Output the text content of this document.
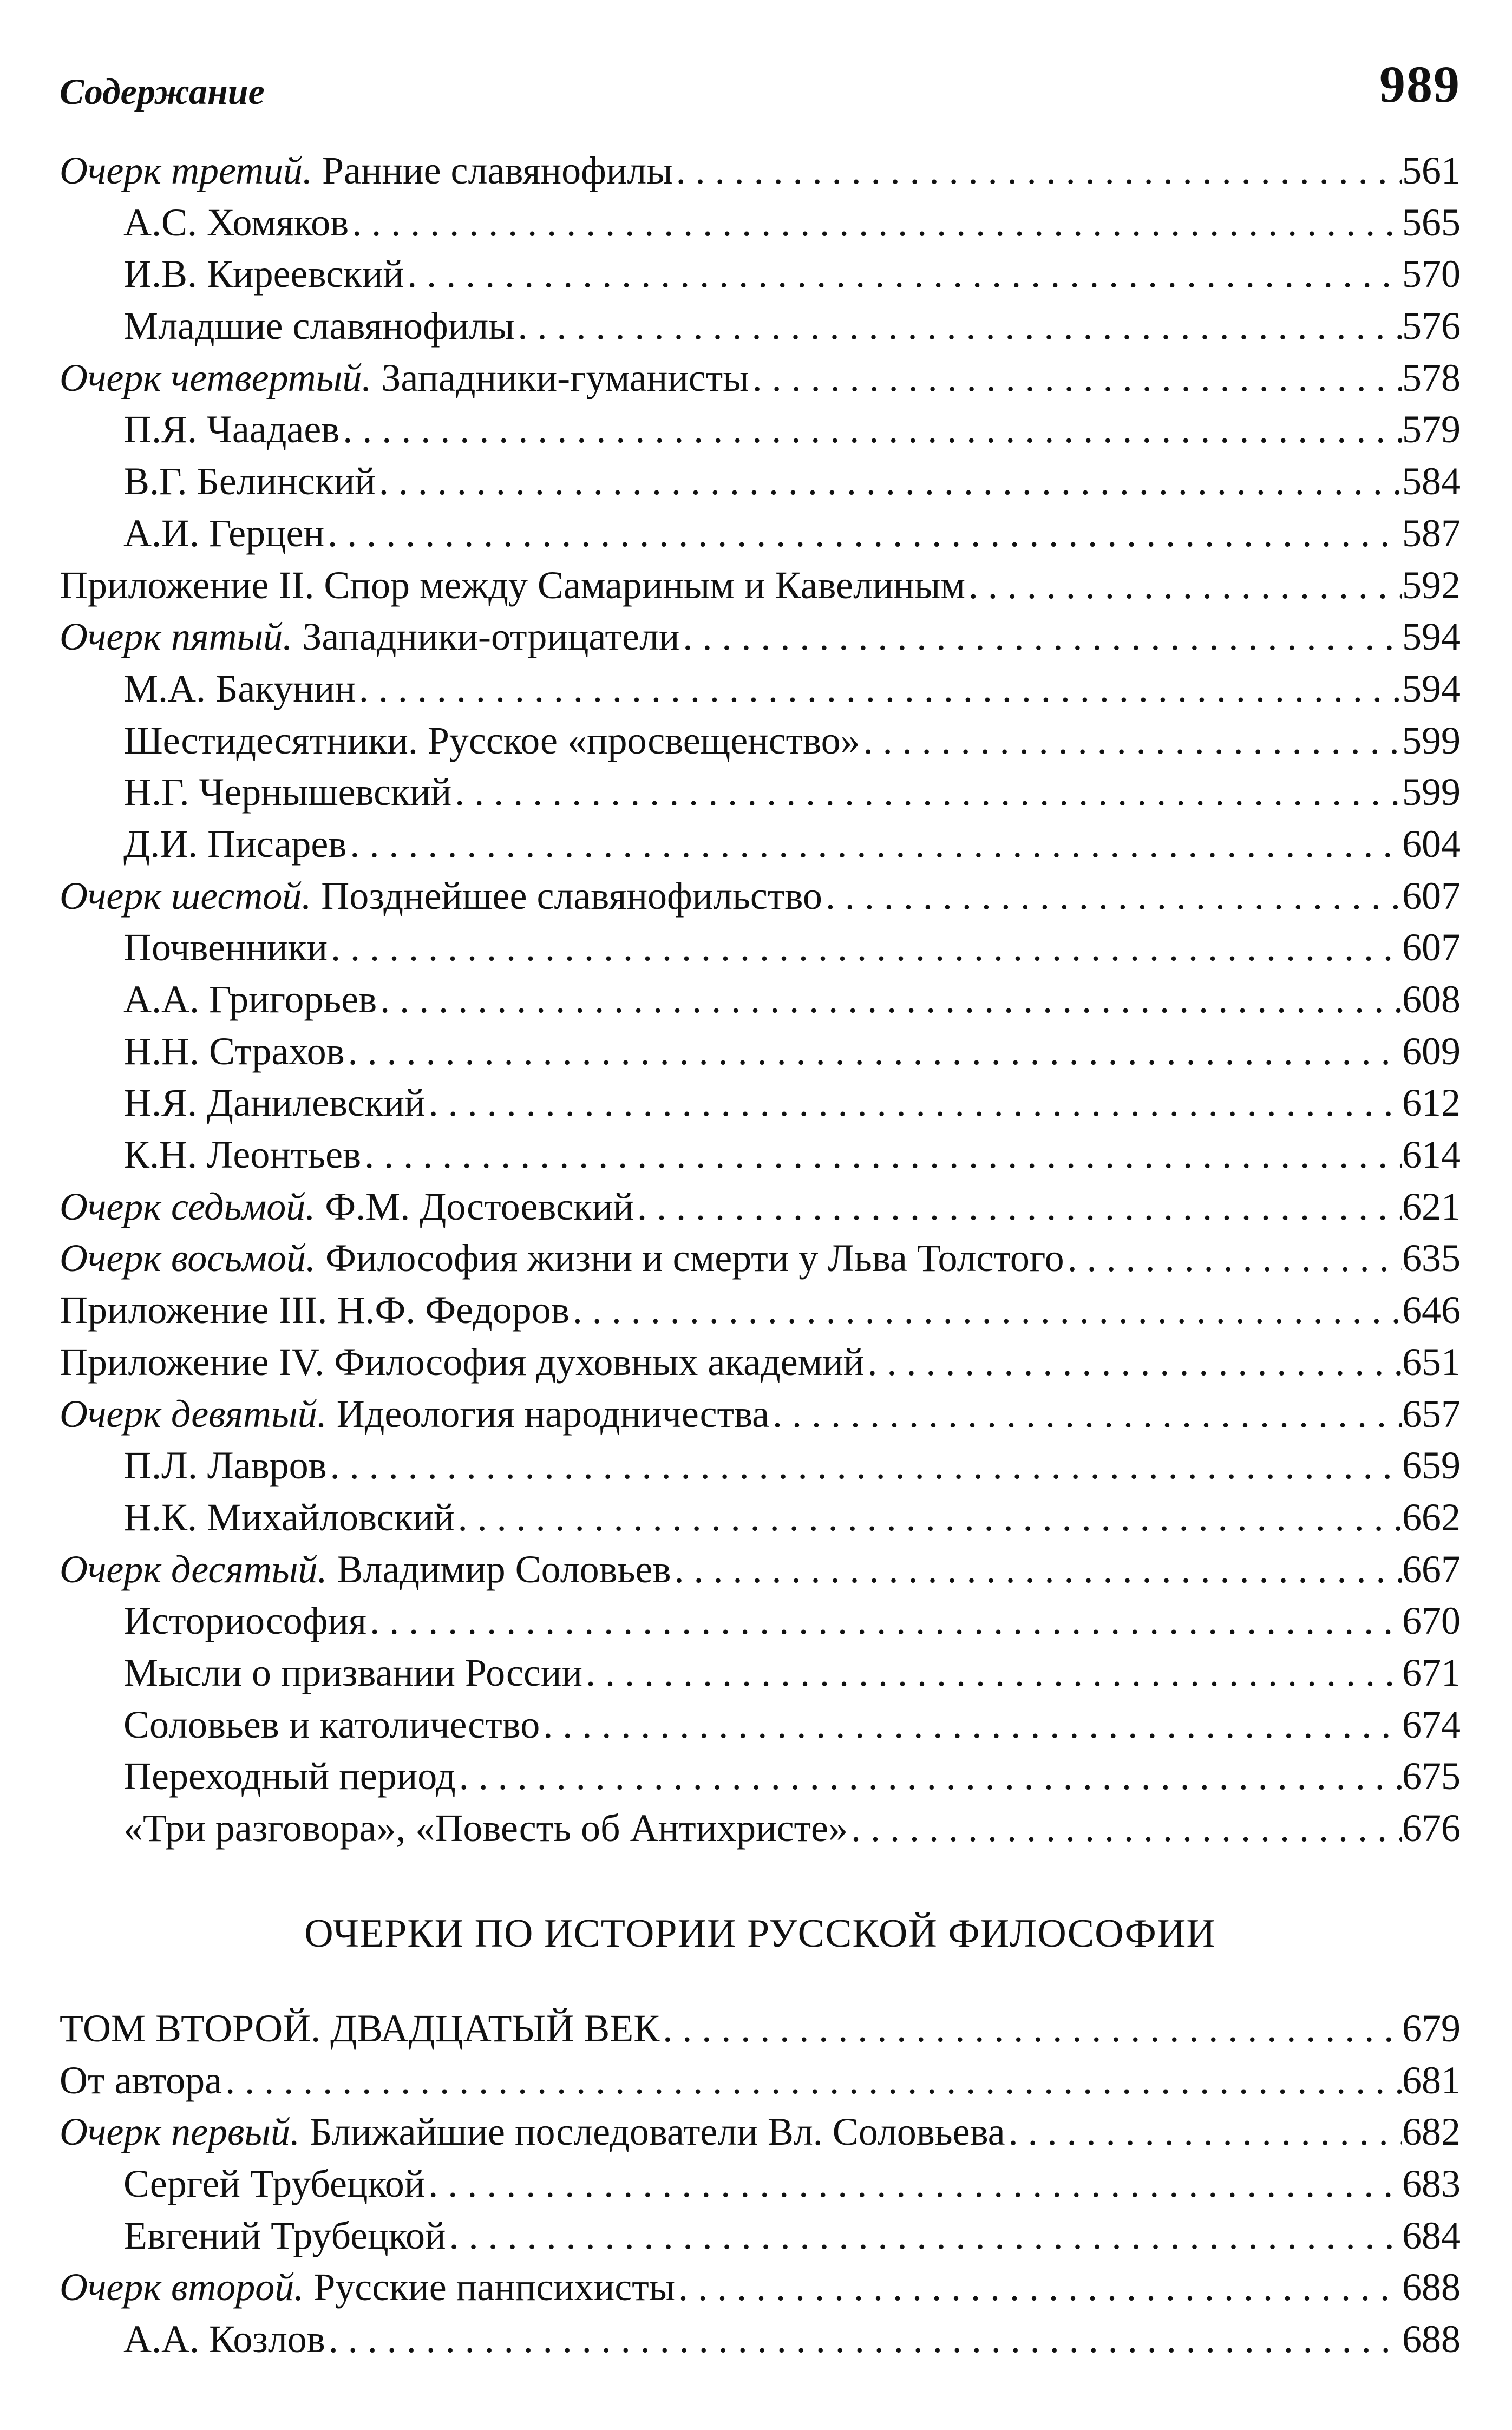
Содержание	989
Очерк третий. Ранние славянофилы . . .	561
А.С. Хомяков . . .	565
И.В. Киреевский . . .	570
Младшие славянофилы . . .	576
Очерк четвертый. Западники-гуманисты . . .	578
П.Я. Чаадаев . . .	579
В.Г. Белинский . . .	584
А.И. Герцен . . .	587
Приложение II. Спор между Самариным и Кавелиным . . .	592
Очерк пятый. Западники-отрицатели . . .	594
М.А. Бакунин . . .	594
Шестидесятники. Русское «просвещенство» . . .	599
Н.Г. Чернышевский . . .	599
Д.И. Писарев . . .	604
Очерк шестой. Позднейшее славянофильство . . .	607
Почвенники . . .	607
А.А. Григорьев . . .	608
Н.Н. Страхов . . .	609
Н.Я. Данилевский . . .	612
К.Н. Леонтьев . . .	614
Очерк седьмой. Ф.М. Достоевский . . .	621
Очерк восьмой. Философия жизни и смерти у Льва Толстого . . .	635
Приложение III. Н.Ф. Федоров . . .	646
Приложение IV. Философия духовных академий . . .	651
Очерк девятый. Идеология народничества . . .	657
П.Л. Лавров . . .	659
Н.К. Михайловский . . .	662
Очерк десятый. Владимир Соловьев . . .	667
Историософия . . .	670
Мысли о призвании России . . .	671
Соловьев и католичество . . .	674
Переходный период . . .	675
«Три разговора», «Повесть об Антихристе» . . .	676
ОЧЕРКИ ПО ИСТОРИИ РУССКОЙ ФИЛОСОФИИ
ТОМ ВТОРОЙ. ДВАДЦАТЫЙ ВЕК . . .	679
От автора . . .	681
Очерк первый. Ближайшие последователи Вл. Соловьева . . .	682
Сергей Трубецкой . . .	683
Евгений Трубецкой . . .	684
Очерк второй. Русские панпсихисты . . .	688
А.А. Козлов . . .	688
